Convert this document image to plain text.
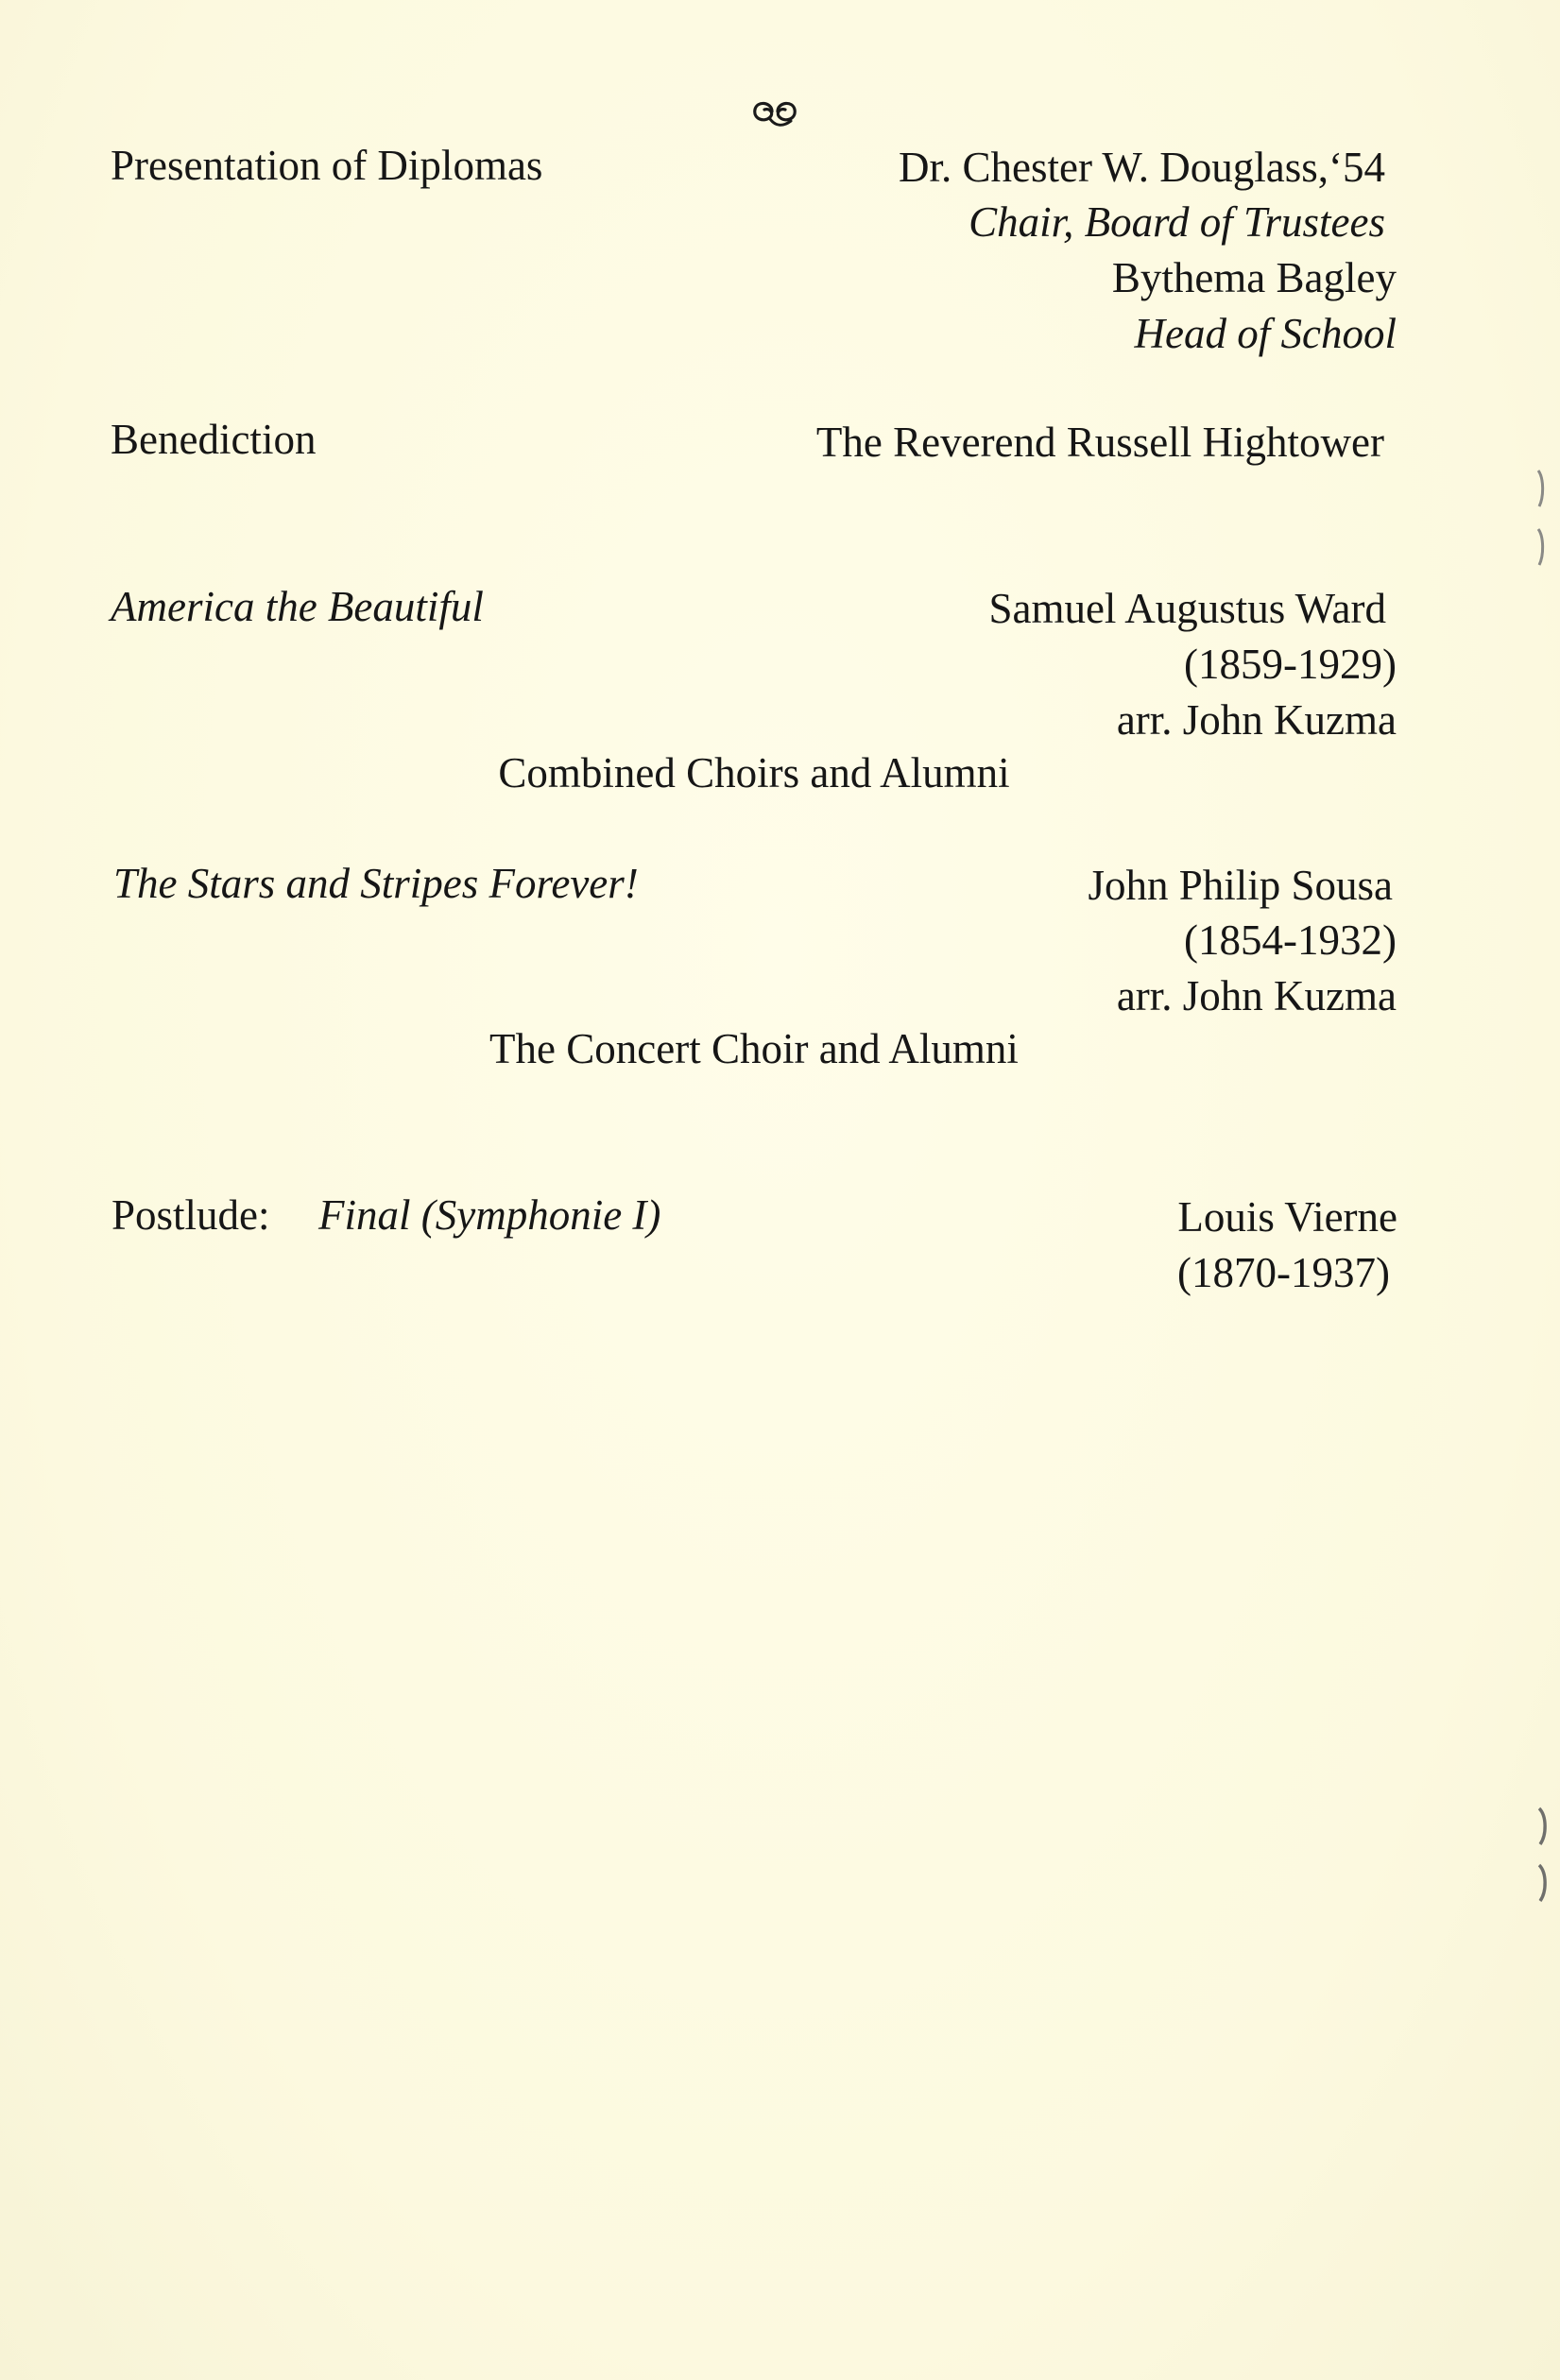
Presentation of Diplomas	Dr. Chester W. Douglass,‘54
Chair, Board of Trustees
Bythema Bagley
Head of School
Benediction	The Reverend Russell Hightower
America the Beautiful	Samuel Augustus Ward
(1859-1929)
arr. John Kuzma
Combined Choirs and Alumni
The Stars and Stripes Forever!	John Philip Sousa
(1854-1932)
arr. John Kuzma
The Concert Choir and Alumni
Postlude: Final (Symphonie I)	Louis Vierne
(1870-1937)
